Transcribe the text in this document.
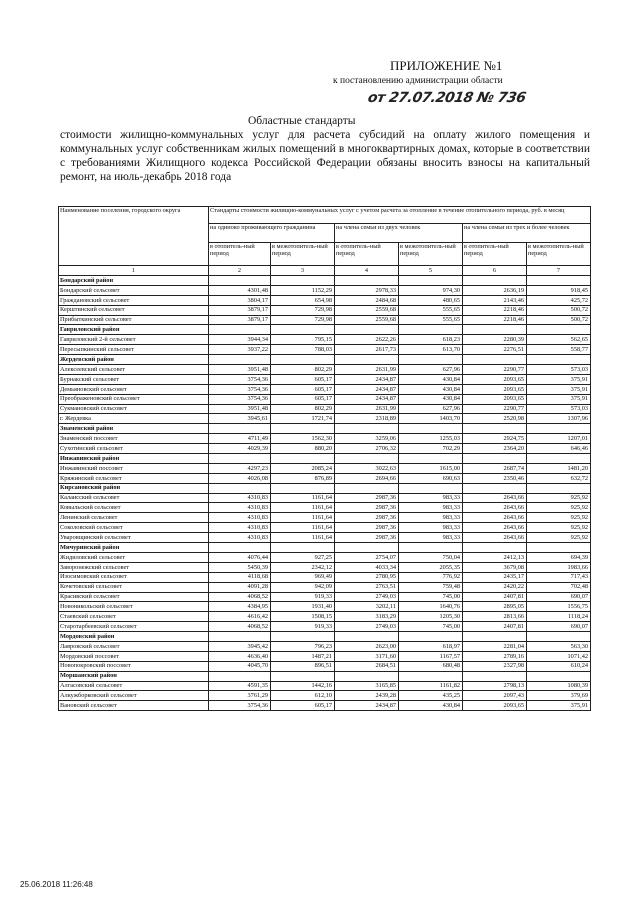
ПРИЛОЖЕНИЕ №1
к постановлению администрации области
от 27.07.2018 № 736
Областные стандарты
стоимости жилищно-коммунальных услуг для расчета субсидий на оплату жилого помещения и коммунальных услуг собственникам жилых помещений в многоквартирных домах, которые в соответствии с требованиями Жилищного кодекса Российской Федерации обязаны вносить взносы на капитальный ремонт, на июль-декабрь 2018 года
Наименование поселения, городского округа	Стандарты стоимости жилищно-коммунальных услуг с учетом расчета за отопление в течение отопительного периода, руб. в месяц					
	на одиноко проживающего гражданина		на члена семьи из двух человек		на члена семьи из трех и более человек	
	в отопитель-ный период	в межотопитель-ный период	в отопитель-ный период	в межотопитель-ный период	в отопитель-ный период	в межотопитель-ный период
1	2	3	4	5	6	7
Бондарский район						
Бондарский сельсовет	4301,48	1152,29	2978,33	974,30	2636,19	918,45
Граждановский сельсовет	3804,17	654,98	2484,68	480,65	2143,46	425,72
Керштинский сельсовет	3879,17	729,98	2559,68	555,65	2218,46	500,72
Прибыткинский сельсовет	3879,17	729,98	2559,68	555,65	2218,46	500,72
Гавриловский район						
Гавриловский 2-й сельсовет	3944,34	795,15	2622,26	618,23	2280,39	562,65
Пересыпкинский сельсовет	3937,22	788,03	2617,73	613,70	2276,51	558,77
Жердевский район						
Алексеевский сельсовет	3951,48	802,29	2631,99	627,96	2290,77	573,03
Бурнакский сельсовет	3754,36	605,17	2434,87	430,84	2093,65	375,91
Демьяновский сельсовет	3754,36	605,17	2434,87	430,84	2093,65	375,91
Преображеновский сельсовет	3754,36	605,17	2434,87	430,84	2093,65	375,91
Сукмановский сельсовет	3951,48	802,29	2631,99	627,96	2290,77	573,03
г. Жердевка	3945,61	1721,74	2318,89	1403,70	2520,98	1307,96
Знаменский район						
Знаменский поссовет	4711,49	1562,30	3259,06	1255,03	2924,75	1207,01
Сухотинский сельсовет	4029,39	880,20	2706,32	702,29	2364,20	646,46
Инжавинский район						
Инжавинский поссовет	4297,23	2085,24	3022,63	1615,00	2687,74	1481,20
Кряжинский сельсовет	4026,08	876,89	2694,66	690,63	2350,46	632,72
Кирсановский район						
Калаисский сельсовет	4310,83	1161,64	2987,36	983,33	2643,66	925,92
Ковыльский сельсовет	4310,83	1161,64	2987,36	983,33	2643,66	925,92
Ленинский сельсовет	4310,83	1161,64	2987,36	983,33	2643,66	925,92
Соколовский сельсовет	4310,83	1161,64	2987,36	983,33	2643,66	925,92
Уваровщинский сельсовет	4310,83	1161,64	2987,36	983,33	2643,66	925,92
Мичуринский район						
Жидиловский сельсовет	4076,44	927,25	2754,07	750,04	2412,13	694,39
Заворонежский сельсовет	5450,39	2342,12	4033,34	2055,35	3679,08	1983,66
Изосимовский сельсовет	4118,68	969,49	2780,95	776,92	2435,17	717,43
Кочетовский сельсовет	4091,28	942,09	2763,51	759,48	2420,22	702,48
Красивский сельсовет	4068,52	919,33	2749,03	745,00	2407,81	690,07
Новоникольский сельсовет	4384,95	1931,40	3202,11	1640,76	2895,05	1556,75
Стаевский сельсовет	4616,42	1508,15	3183,29	1205,30	2813,66	1118,24
Старотарбеевский сельсовет	4068,52	919,33	2749,03	745,00	2407,81	690,07
Мордовский район						
Лавровский сельсовет	3945,42	796,23	2623,00	618,97	2281,04	563,30
Мордовский поссовет	4636,40	1487,21	3171,60	1167,57	2789,16	1071,42
Новопокровский поссовет	4045,70	896,51	2684,51	680,48	2327,98	610,24
Моршанский район						
Алгасовский сельсовет	4591,35	1442,16	3165,85	1161,82	2798,13	1080,39
Алкужборковский сельсовет	3761,29	612,10	2439,28	435,25	2097,43	379,69
Вановский сельсовет	3754,36	605,17	2434,87	430,84	2093,65	375,91
25.06.2018 11:26:48
